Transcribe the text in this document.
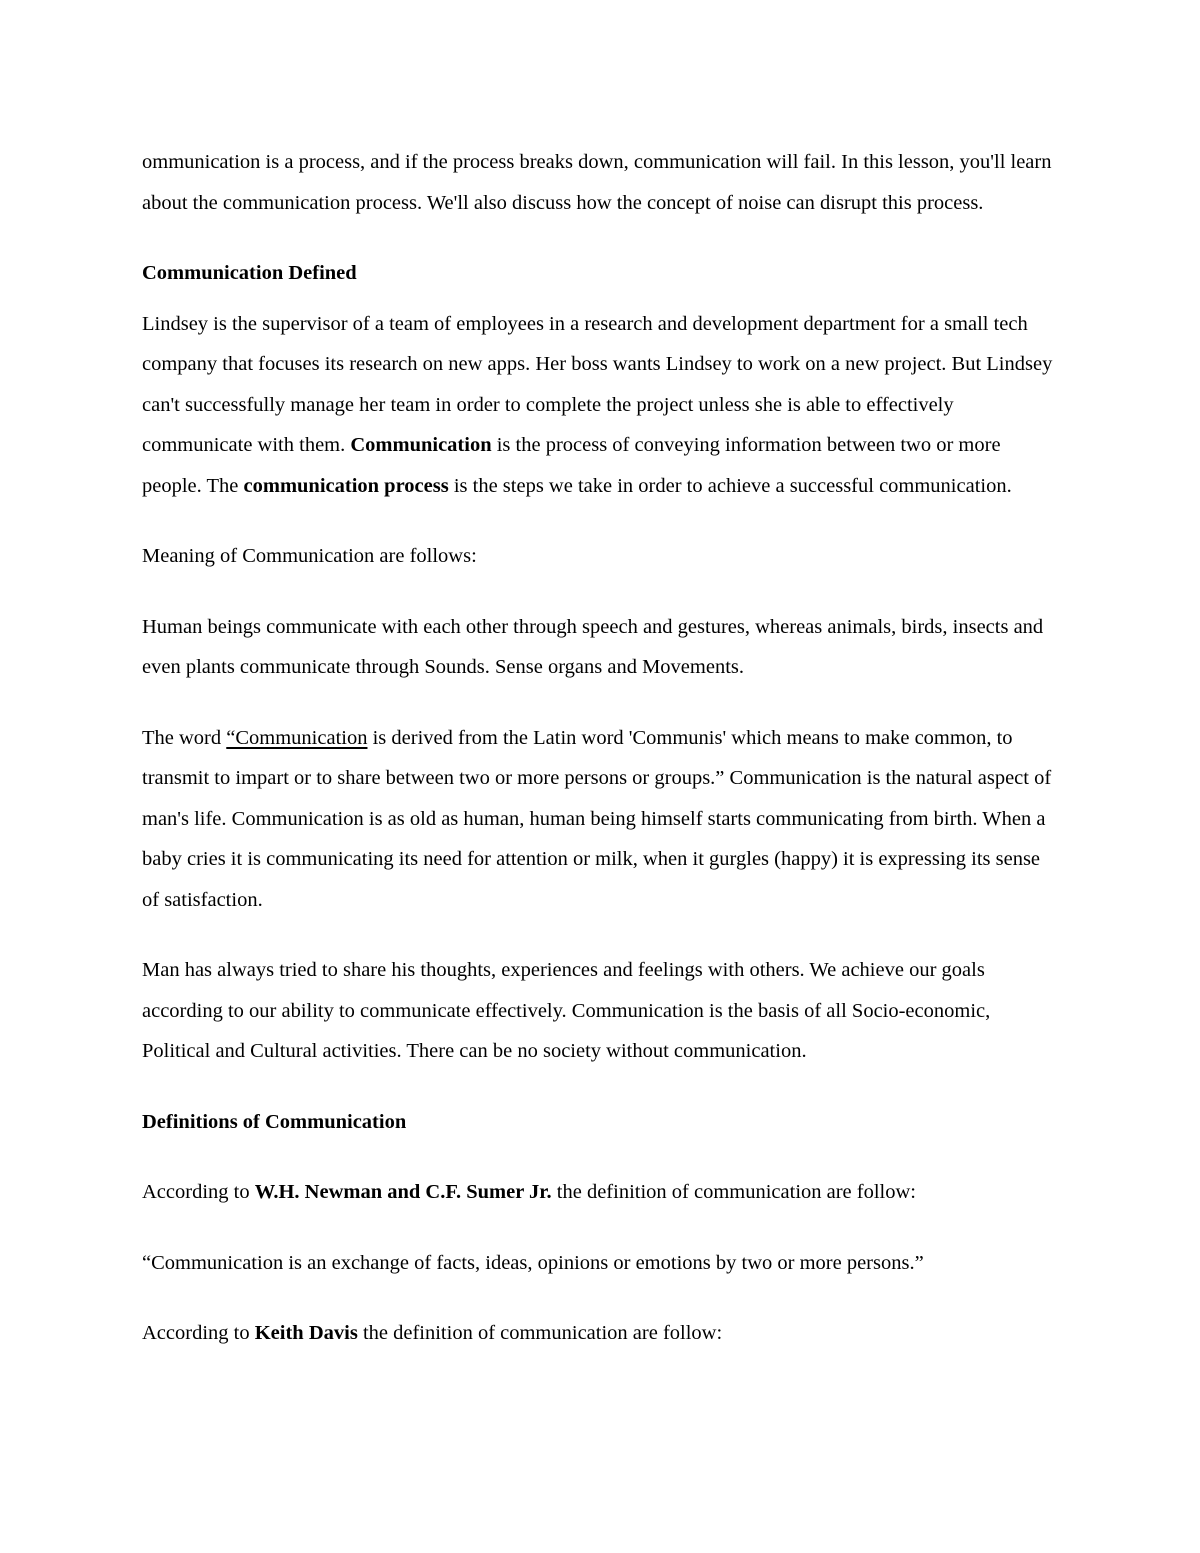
ommunication is a process, and if the process breaks down, communication will fail. In this lesson, you'll learn about the communication process. We'll also discuss how the concept of noise can disrupt this process.

Communication Defined

Lindsey is the supervisor of a team of employees in a research and development department for a small tech company that focuses its research on new apps. Her boss wants Lindsey to work on a new project. But Lindsey can't successfully manage her team in order to complete the project unless she is able to effectively communicate with them. Communication is the process of conveying information between two or more people. The communication process is the steps we take in order to achieve a successful communication.

Meaning of Communication are follows:

Human beings communicate with each other through speech and gestures, whereas animals, birds, insects and even plants communicate through Sounds. Sense organs and Movements.

The word “Communication is derived from the Latin word 'Communis' which means to make common, to transmit to impart or to share between two or more persons or groups.” Communication is the natural aspect of man's life. Communication is as old as human, human being himself starts communicating from birth. When a baby cries it is communicating its need for attention or milk, when it gurgles (happy) it is expressing its sense of satisfaction.

Man has always tried to share his thoughts, experiences and feelings with others. We achieve our goals according to our ability to communicate effectively. Communication is the basis of all Socio-economic, Political and Cultural activities. There can be no society without communication.

Definitions of Communication

According to W.H. Newman and C.F. Sumer Jr. the definition of communication are follow:

“Communication is an exchange of facts, ideas, opinions or emotions by two or more persons.”

According to Keith Davis the definition of communication are follow:
